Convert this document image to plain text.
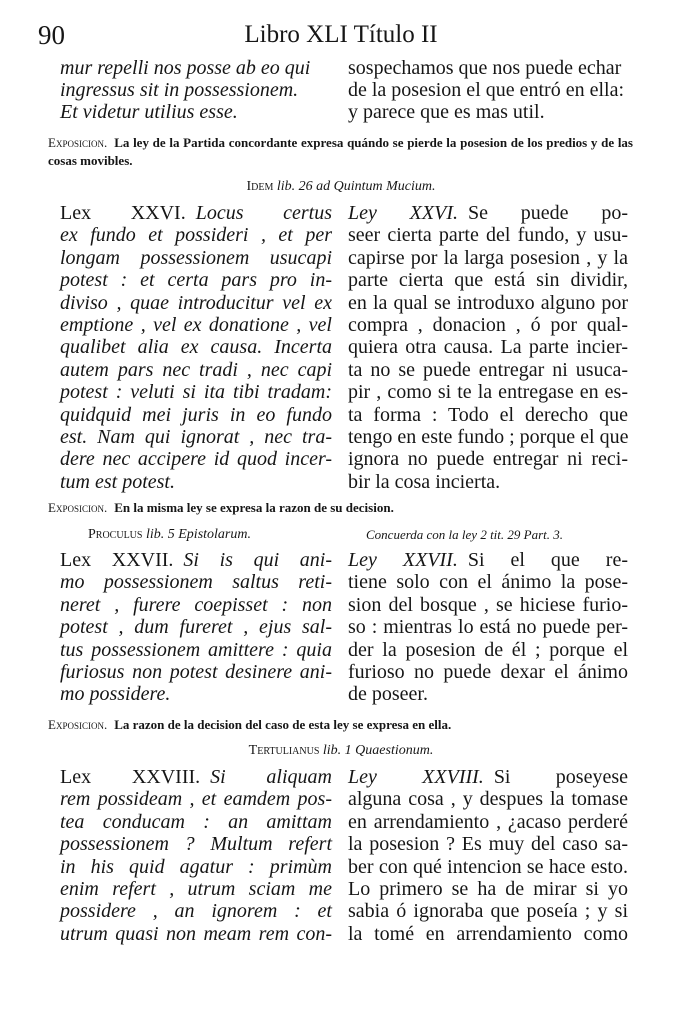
90	Libro XLI Título II
mur repelli nos posse ab eo qui
ingressus sit in possessionem.
Et videtur utilius esse.
sospechamos que nos puede echar
de la posesion el que entró en ella:
y parece que es mas util.
Exposicion. La ley de la Partida concordante expresa quándo se pierde la posesion de los predios y de las cosas movibles.
Idem lib. 26 ad Quintum Mucium.
Lex XXVI. Locus certus
ex fundo et possideri , et per
longam possessionem usucapi
potest : et certa pars pro in-
diviso , quae introducitur vel ex
emptione , vel ex donatione , vel
qualibet alia ex causa. Incerta
autem pars nec tradi , nec capi
potest : veluti si ita tibi tradam:
quidquid mei juris in eo fundo
est. Nam qui ignorat , nec tra-
dere nec accipere id quod incer-
tum est potest.
Ley XXVI. Se puede po-
seer cierta parte del fundo, y usu-
capirse por la larga posesion , y la
parte cierta que está sin dividir,
en la qual se introduxo alguno por
compra , donacion , ó por qual-
quiera otra causa. La parte incier-
ta no se puede entregar ni usuca-
pir , como si te la entregase en es-
ta forma : Todo el derecho que
tengo en este fundo ; porque el que
ignora no puede entregar ni reci-
bir la cosa incierta.
Exposicion. En la misma ley se expresa la razon de su decision.
Proculus lib. 5 Epistolarum.	Concuerda con la ley 2 tit. 29 Part. 3.
Lex XXVII. Si is qui ani-
mo possessionem saltus reti-
neret , furere coepisset : non
potest , dum fureret , ejus sal-
tus possessionem amittere : quia
furiosus non potest desinere ani-
mo possidere.
Ley XXVII. Si el que re-
tiene solo con el ánimo la pose-
sion del bosque , se hiciese furio-
so : mientras lo está no puede per-
der la posesion de él ; porque el
furioso no puede dexar el ánimo
de poseer.
Exposicion. La razon de la decision del caso de esta ley se expresa en ella.
Tertulianus lib. 1 Quaestionum.
Lex XXVIII. Si aliquam
rem possideam , et eamdem pos-
tea conducam : an amittam
possessionem ? Multum refert
in his quid agatur : primùm
enim refert , utrum sciam me
possidere , an ignorem : et
utrum quasi non meam rem con-
Ley XXVIII. Si poseyese
alguna cosa , y despues la tomase
en arrendamiento , ¿acaso perderé
la posesion ? Es muy del caso sa-
ber con qué intencion se hace esto.
Lo primero se ha de mirar si yo
sabia ó ignoraba que poseía ; y si
la tomé en arrendamiento como
